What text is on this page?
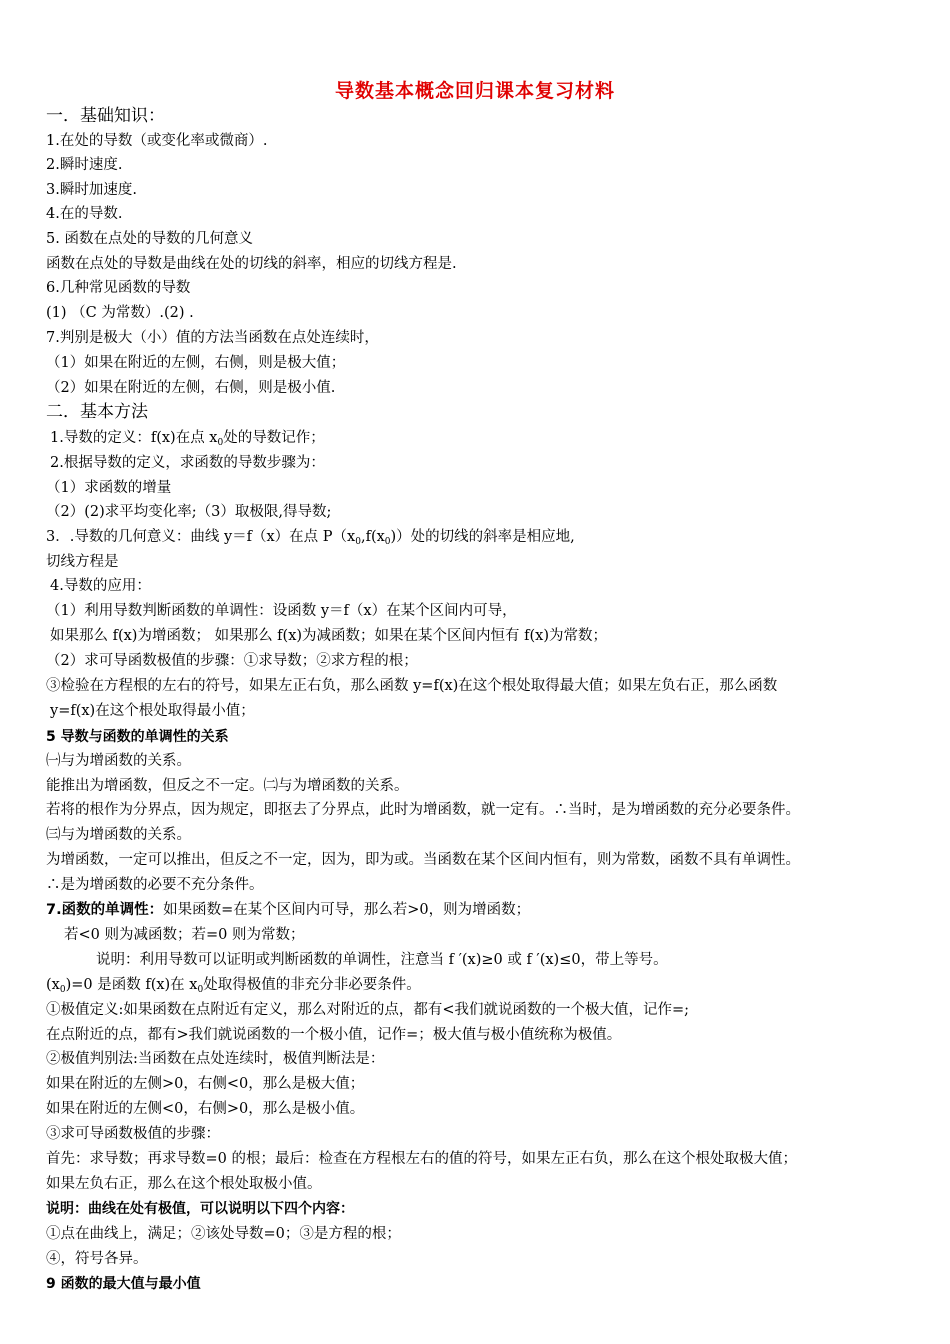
导数基本概念回归课本复习材料
一．基础知识：
1.在处的导数（或变化率或微商）.
2.瞬时速度.
3.瞬时加速度.
4.在的导数.
5. 函数在点处的导数的几何意义
函数在点处的导数是曲线在处的切线的斜率，相应的切线方程是.
6.几种常见函数的导数
(1) （C 为常数）.(2) .
7.判别是极大（小）值的方法当函数在点处连续时，
（1）如果在附近的左侧，右侧，则是极大值；
（2）如果在附近的左侧，右侧，则是极小值.
二．基本方法
1.导数的定义：f(x)在点 $x_0$处的导数记作；
2.根据导数的定义，求函数的导数步骤为：
（1）求函数的增量
（2）(2)求平均变化率;（3）取极限,得导数;
3．.导数的几何意义：曲线 y＝f（x）在点 $P(x_0,f(x_0))$处的切线的斜率是相应地,
切线方程是
4.导数的应用：
（1）利用导数判断函数的单调性：设函数 y＝f（x）在某个区间内可导，
如果那么 f(x)为增函数； 如果那么 f(x)为减函数；如果在某个区间内恒有 f(x)为常数；
（2）求可导函数极值的步骤：①求导数；②求方程的根；
③检验在方程根的左右的符号，如果左正右负，那么函数 y=f(x)在这个根处取得最大值；如果左负右正，那么函数
y=f(x)在这个根处取得最小值；
5 导数与函数的单调性的关系
㈠与为增函数的关系。
能推出为增函数，但反之不一定。㈡与为增函数的关系。
若将的根作为分界点，因为规定，即抠去了分界点，此时为增函数，就一定有。∴当时，是为增函数的充分必要条件。
㈢与为增函数的关系。
为增函数，一定可以推出，但反之不一定，因为，即为或。当函数在某个区间内恒有，则为常数，函数不具有单调性。
∴是为增函数的必要不充分条件。
7.函数的单调性：如果函数=在某个区间内可导，那么若>0，则为增函数；
若<0 则为减函数；若=0 则为常数；
说明：利用导数可以证明或判断函数的单调性，注意当 f ′(x)≥0 或 f ′(x)≤0，带上等号。
$(x_0)=0$ 是函数 f(x)在 $x_0$处取得极值的非充分非必要条件。
①极值定义:如果函数在点附近有定义，那么对附近的点，都有<我们就说函数的一个极大值，记作=;
在点附近的点，都有>我们就说函数的一个极小值，记作=；极大值与极小值统称为极值。
②极值判别法:当函数在点处连续时，极值判断法是：
如果在附近的左侧>0，右侧<0，那么是极大值；
如果在附近的左侧<0，右侧>0，那么是极小值。
③求可导函数极值的步骤：
首先：求导数；再求导数=0 的根；最后：检查在方程根左右的值的符号，如果左正右负，那么在这个根处取极大值；
如果左负右正，那么在这个根处取极小值。
说明：曲线在处有极值，可以说明以下四个内容：
①点在曲线上，满足；②该处导数=0；③是方程的根；
④，符号各异。
9 函数的最大值与最小值
